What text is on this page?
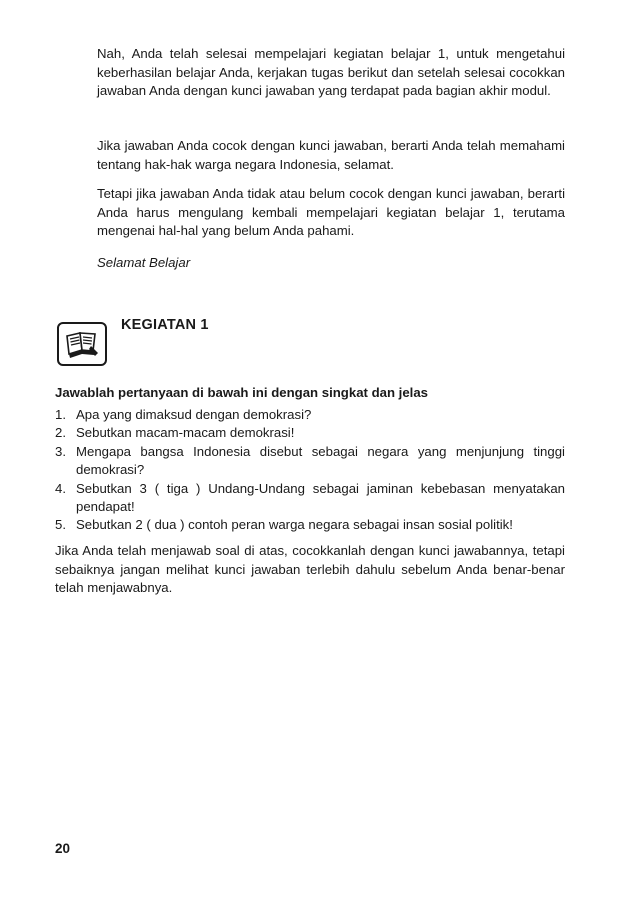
Nah, Anda telah selesai mempelajari kegiatan belajar 1, untuk mengetahui keberhasilan belajar Anda, kerjakan tugas berikut dan setelah selesai cocokkan jawaban Anda dengan kunci jawaban yang terdapat pada bagian akhir modul.

Jika jawaban Anda cocok dengan kunci jawaban, berarti Anda telah memahami tentang hak-hak warga negara Indonesia, selamat.

Tetapi jika jawaban Anda tidak atau belum cocok dengan kunci jawaban, berarti Anda harus mengulang kembali mempelajari kegiatan belajar 1, terutama mengenai hal-hal yang belum Anda pahami.

Selamat Belajar

KEGIATAN 1

Jawablah pertanyaan di bawah ini dengan singkat dan jelas

1. Apa yang dimaksud dengan demokrasi?
2. Sebutkan macam-macam demokrasi!
3. Mengapa bangsa Indonesia disebut sebagai negara yang menjunjung tinggi demokrasi?
4. Sebutkan 3 ( tiga ) Undang-Undang sebagai jaminan kebebasan menyatakan pendapat!
5. Sebutkan 2 ( dua ) contoh peran warga negara sebagai insan sosial politik!

Jika Anda telah menjawab soal di atas, cocokkanlah dengan kunci jawabannya, tetapi sebaiknya jangan melihat kunci jawaban terlebih dahulu sebelum Anda benar-benar telah menjawabnya.

20
